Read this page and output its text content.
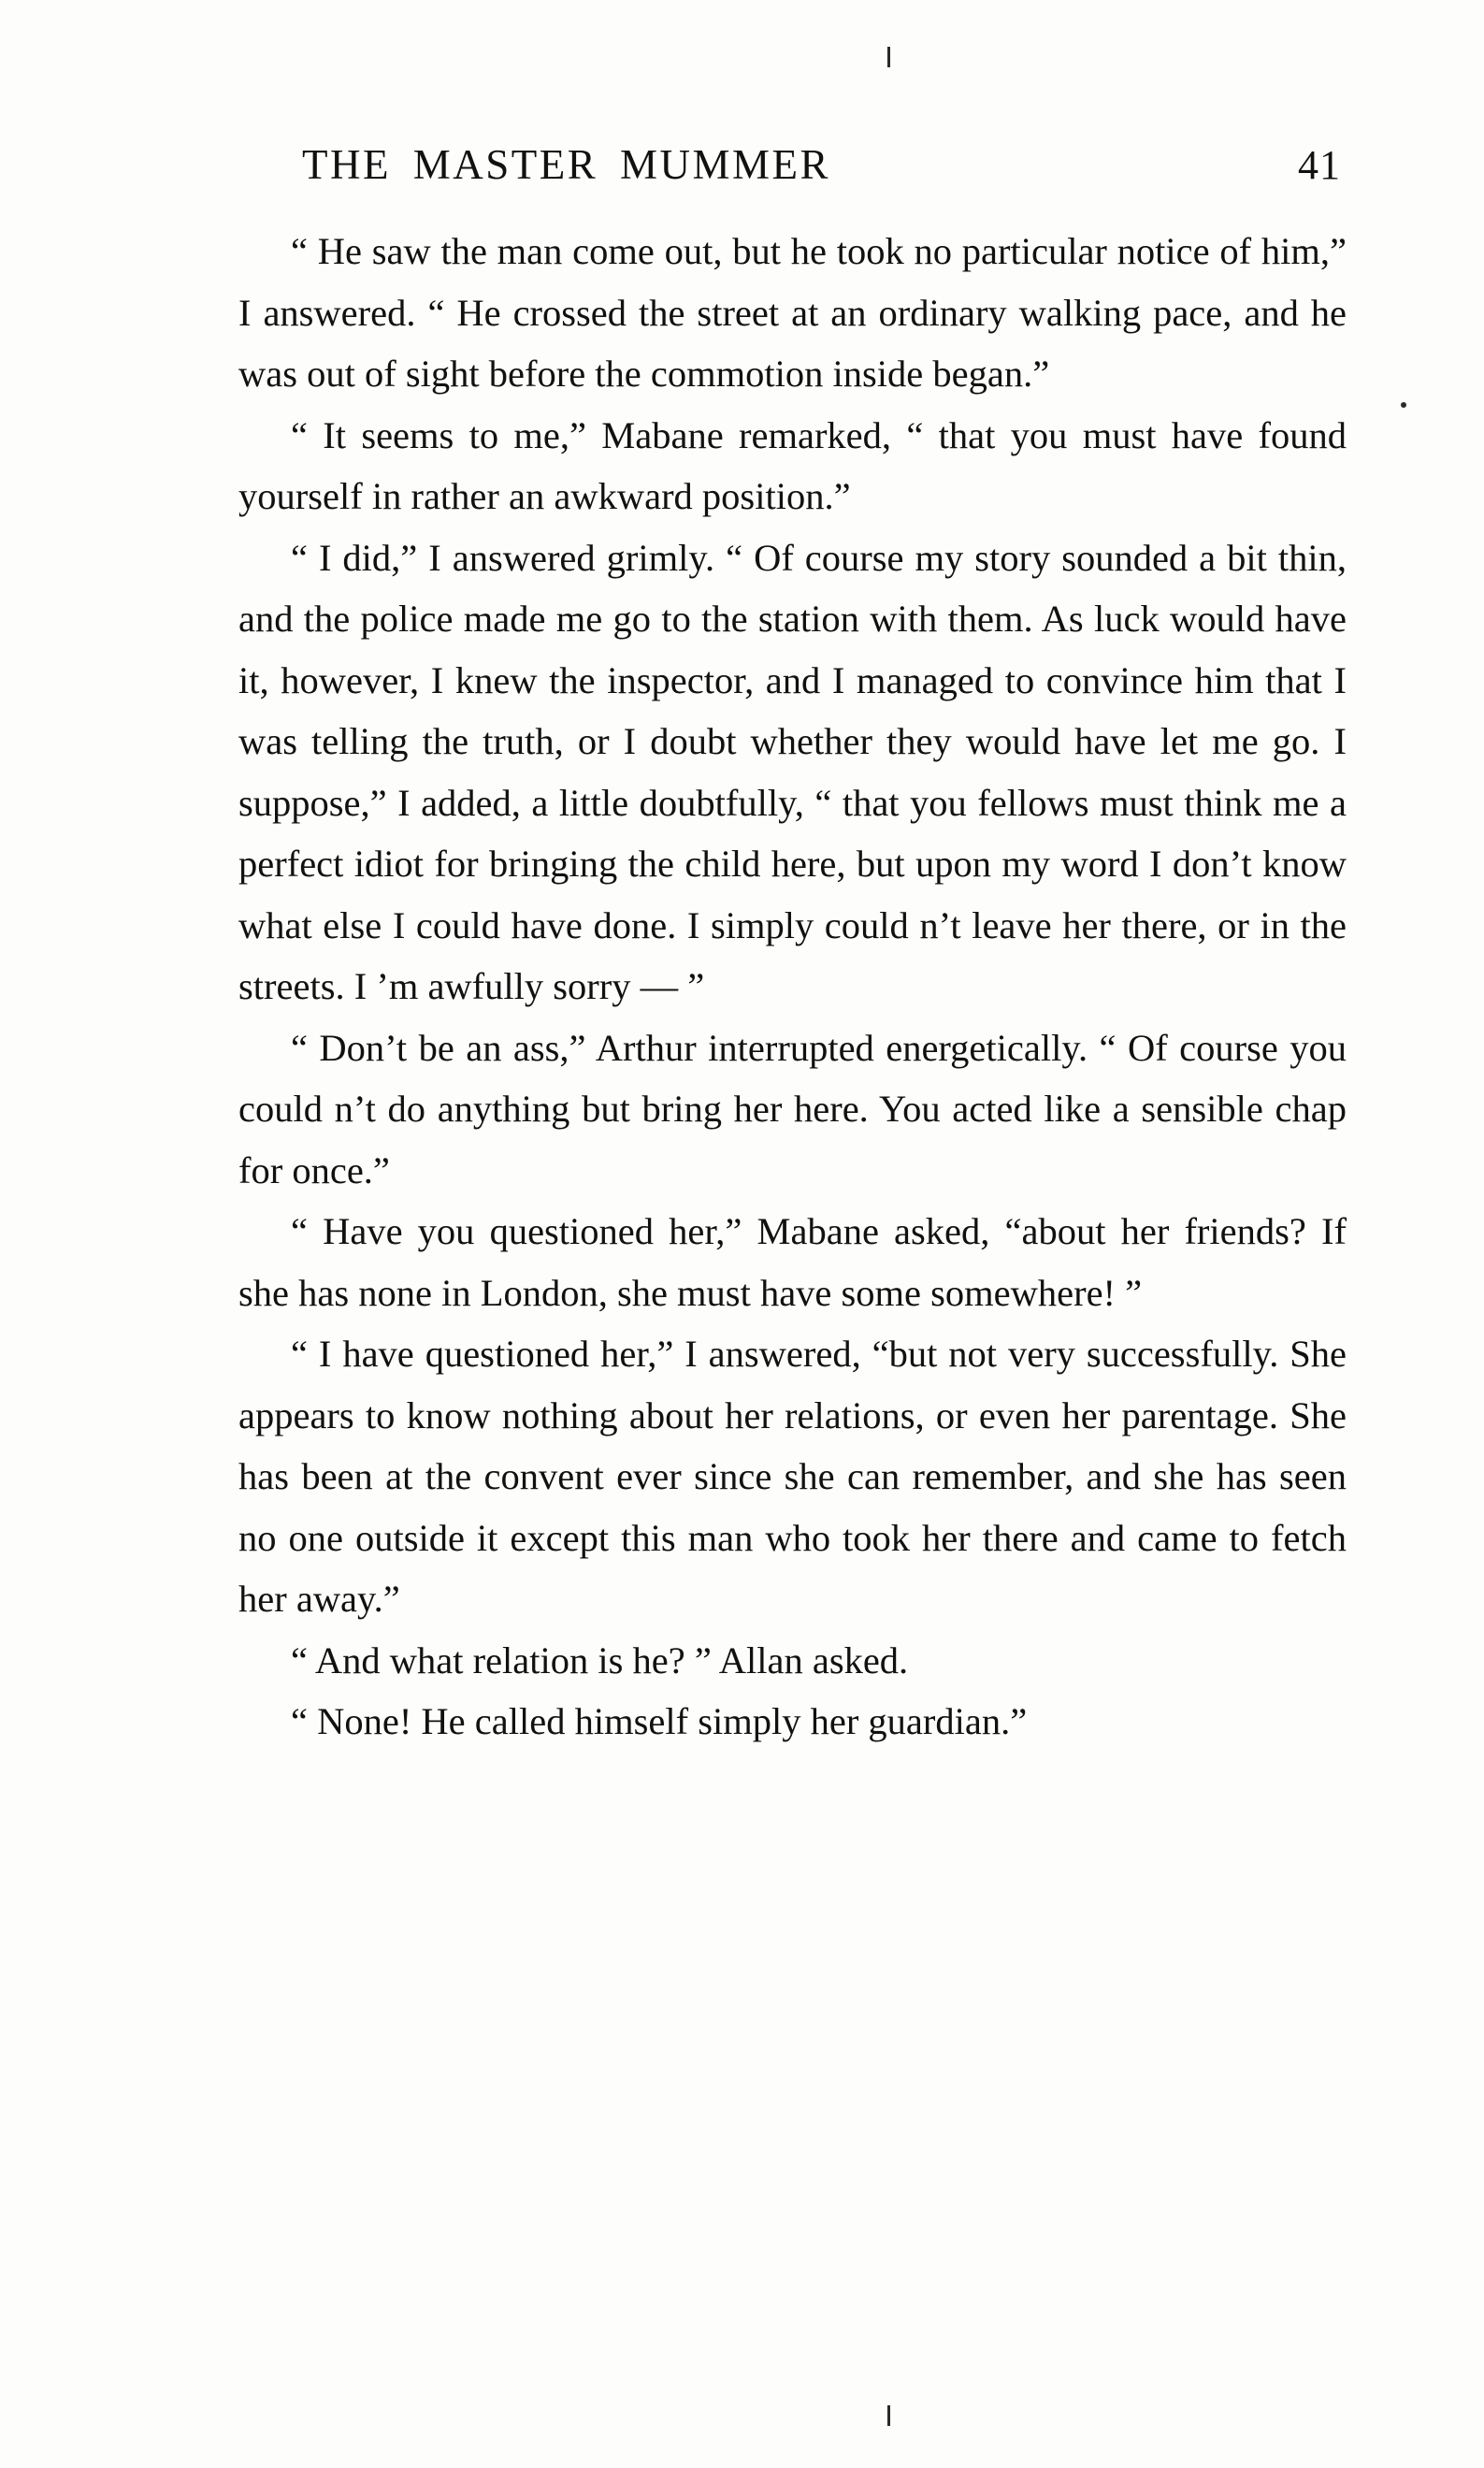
THE MASTER MUMMER	41

“ He saw the man come out, but he took no particular notice of him,” I answered. “ He crossed the street at an ordinary walking pace, and he was out of sight before the commotion inside began.”

“ It seems to me,” Mabane remarked, “ that you must have found yourself in rather an awkward position.”

“ I did,” I answered grimly. “ Of course my story sounded a bit thin, and the police made me go to the station with them. As luck would have it, however, I knew the inspector, and I managed to convince him that I was telling the truth, or I doubt whether they would have let me go. I suppose,” I added, a little doubtfully, “ that you fellows must think me a perfect idiot for bringing the child here, but upon my word I don’t know what else I could have done. I simply could n’t leave her there, or in the streets. I ’m awfully sorry — ”

“ Don’t be an ass,” Arthur interrupted energetically. “ Of course you could n’t do anything but bring her here. You acted like a sensible chap for once.”

“ Have you questioned her,” Mabane asked, “about her friends? If she has none in London, she must have some somewhere! ”

“ I have questioned her,” I answered, “but not very successfully. She appears to know nothing about her relations, or even her parentage. She has been at the convent ever since she can remember, and she has seen no one outside it except this man who took her there and came to fetch her away.”

“ And what relation is he? ” Allan asked.

“ None! He called himself simply her guardian.”
